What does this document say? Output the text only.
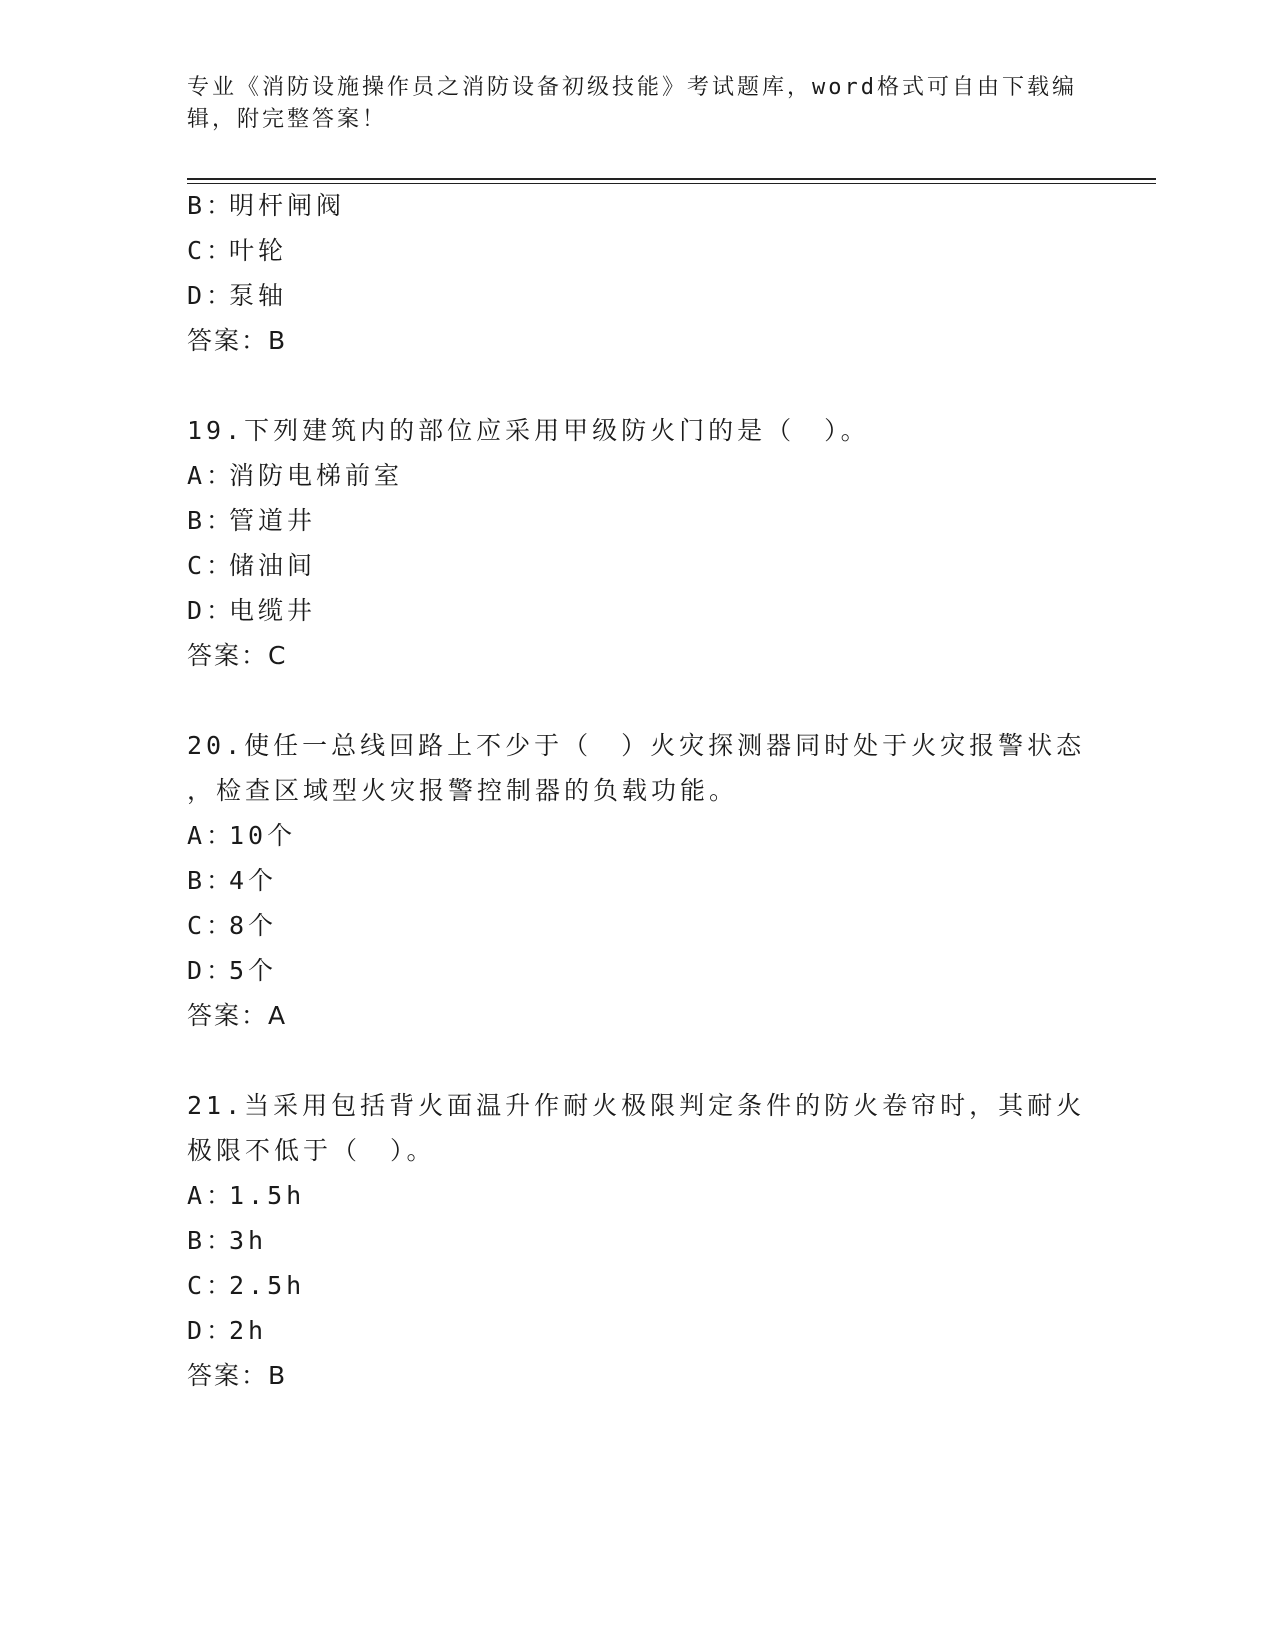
专业《消防设施操作员之消防设备初级技能》考试题库，word格式可自由下载编
辑，附完整答案！
B：明杆闸阀
C：叶轮
D：泵轴
答案：B
19.下列建筑内的部位应采用甲级防火门的是（　）。
A：消防电梯前室
B：管道井
C：储油间
D：电缆井
答案：C
20.使任一总线回路上不少于（　）火灾探测器同时处于火灾报警状态
，检查区域型火灾报警控制器的负载功能。
A：10个
B：4个
C：8个
D：5个
答案：A
21.当采用包括背火面温升作耐火极限判定条件的防火卷帘时，其耐火
极限不低于（　）。
A：1.5h
B：3h
C：2.5h
D：2h
答案：B
